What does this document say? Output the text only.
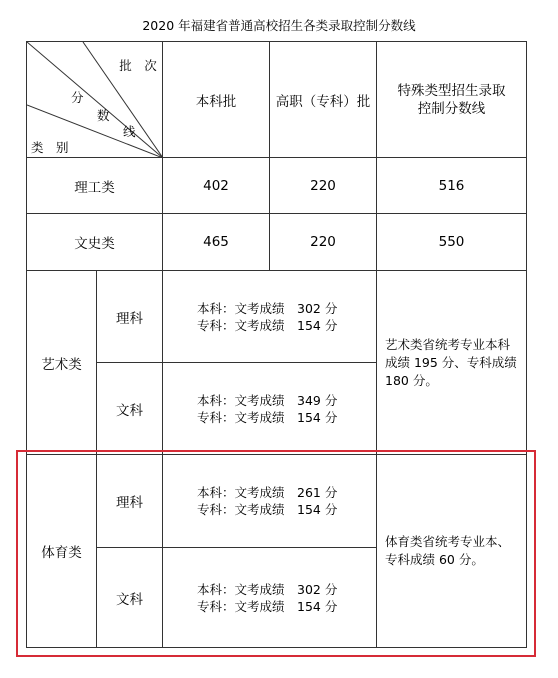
2020 年福建省普通高校招生各类录取控制分数线
批　次
分
数
线
类　别		本科批	高职（专科）批	特殊类型招生录取控制分数线
理工类		402	220	516
文史类		465	220	550
艺术类	理科	本科：文考成绩　302 分
专科：文考成绩　154 分		艺术类省统考专业本科成绩 195 分、专科成绩 180 分。
	文科	本科：文考成绩　349 分
专科：文考成绩　154 分		

体育类	理科	本科：文考成绩　261 分
专科：文考成绩　154 分		体育类省统考专业本、专科成绩 60 分。
	文科	本科：文考成绩　302 分
专科：文考成绩　154 分		
